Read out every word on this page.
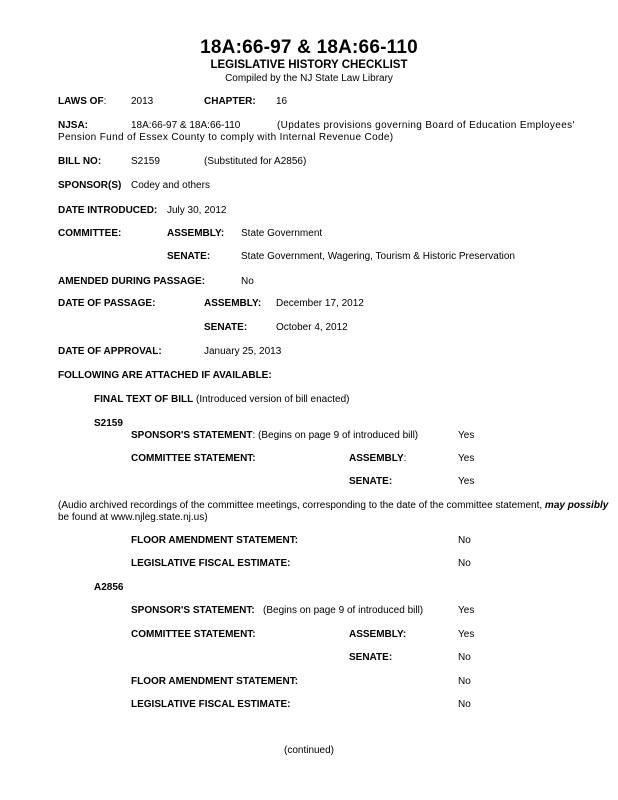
18A:66-97 & 18A:66-110
LEGISLATIVE HISTORY CHECKLIST
Compiled by the NJ State Law Library
LAWS OF: 2013	CHAPTER: 16
NJSA:	18A:66-97 & 18A:66-110	(Updates provisions governing Board of Education Employees'
Pension Fund of Essex County to comply with Internal Revenue Code)
BILL NO:	S2159	(Substituted for A2856)
SPONSOR(S) Codey and others
DATE INTRODUCED: July 30, 2012
COMMITTEE:	ASSEMBLY: State Government
SENATE:	State Government, Wagering, Tourism & Historic Preservation
AMENDED DURING PASSAGE:	No
DATE OF PASSAGE:	ASSEMBLY: December 17, 2012
SENATE:	October 4, 2012
DATE OF APPROVAL:	January 25, 2013
FOLLOWING ARE ATTACHED IF AVAILABLE:
FINAL TEXT OF BILL (Introduced version of bill enacted)
S2159
SPONSOR'S STATEMENT: (Begins on page 9 of introduced bill)	Yes
COMMITTEE STATEMENT:	ASSEMBLY:	Yes
SENATE:	Yes
(Audio archived recordings of the committee meetings, corresponding to the date of the committee statement, may possibly
be found at www.njleg.state.nj.us)
FLOOR AMENDMENT STATEMENT:	No
LEGISLATIVE FISCAL ESTIMATE:	No
A2856
SPONSOR'S STATEMENT: (Begins on page 9 of introduced bill)	Yes
COMMITTEE STATEMENT:	ASSEMBLY:	Yes
SENATE:	No
FLOOR AMENDMENT STATEMENT:	No
LEGISLATIVE FISCAL ESTIMATE:	No
(continued)
